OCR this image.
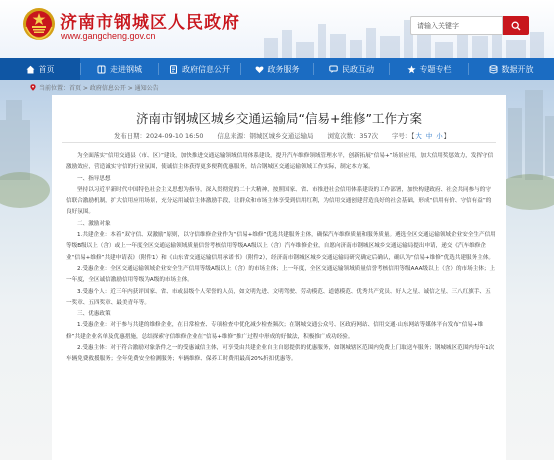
济南市钢城区人民政府
www.gangcheng.gov.cn
请输入关键字
首页	走进钢城	政府信息公开	政务服务	民政互动	专题专栏	数据开放
当前位置：首页 > 政府信息公开 > 通知公告
济南市钢城区城乡交通运输局“信易+维修”工作方案
发布日期：2024-09-10 16:50 信息来源：钢城区城乡交通运输局 浏览次数：357次 字号：【大 中 小】

为全面落实“信用交通县（市、区）”建设，加快推进交通运输领域信用体系建设，提升汽车维修领域管理水平，创新拓展“信易+”场景应用，加大信用奖惩效力，发挥守信激励效应，营造诚实守信的行业氛围，使诚信主体获得更多便利优惠服务，结合钢城区交通运输领域工作实际，制定本方案。

一、指导思想

坚持以习近平新时代中国特色社会主义思想为指导，深入贯彻党的二十大精神，按照国家、省、市推进社会信用体系建设的工作部署，加快构建政府、社会共同参与的守信联合激励机制，扩大信用应用场景，充分运用诚信主体激励手段，让群众和市场主体享受到信用红利，为信用交通创建营造良好的社会基础，形成“信用有价、守信有益”的良好氛围。

二、激励对象

1.共建企业：本着“双守信、双激励”原则，以守信维修企业作为“信易+维修”优选共建服务主体，确保汽车维修质量和服务质量。遴选全区交通运输领域企业安全生产信用等级B级以上（含）或上一年度全区交通运输领域质量信誉考核信用等级AA级以上（含）汽车维修企业，自愿向济南市钢城区城乡交通运输局提出申请，递交《汽车维修企业“信易+维修”共建申请表》（附件1）和《山东省交通运输信用承诺书》（附件2），经济南市钢城区城乡交通运输局研究确定后确认，确认为“信易+维修”优选共建服务主体。

2.受惠企业：全区交通运输领域企业安全生产信用等级A级以上（含）的市场主体；上一年度，全区交通运输领域质量信誉考核信用等级AAA级以上（含）的市场主体；上一年度，全区诚信激励信用等级为A级的市场主体。

3.受惠个人：近三年内获评国家、省、市或县级个人荣誉的人员，如文明先进、文明驾驶、劳动模范、道德模范、优秀共产党员、好人之星、诚信之星、三八红旗手、五一奖章、五四奖章、最美青年等。

三、优惠政策

1.受惠企业：对于参与共建的维修企业，在日常检查、专项检查中优化减少检查频次；在钢城交通公众号、区政府网站、信用交通·山东网站等媒体平台发布“信易+维修”共建企业名单及优惠措施，总结探索守信维修企业在“信易+维修”推广过程中形成的好做法，积极推广成功经验。

2.受惠主体：对于符合激励对象条件之一的受惠诚信主体，可享受由共建企业自主自愿提供的优惠服务，如钢城辖区范围内免费上门取送车服务；钢城城区范围内每年1次车辆免费救援服务；全年免费安全检测服务；车辆维修、保养工时费用最高20%折扣优惠等。
